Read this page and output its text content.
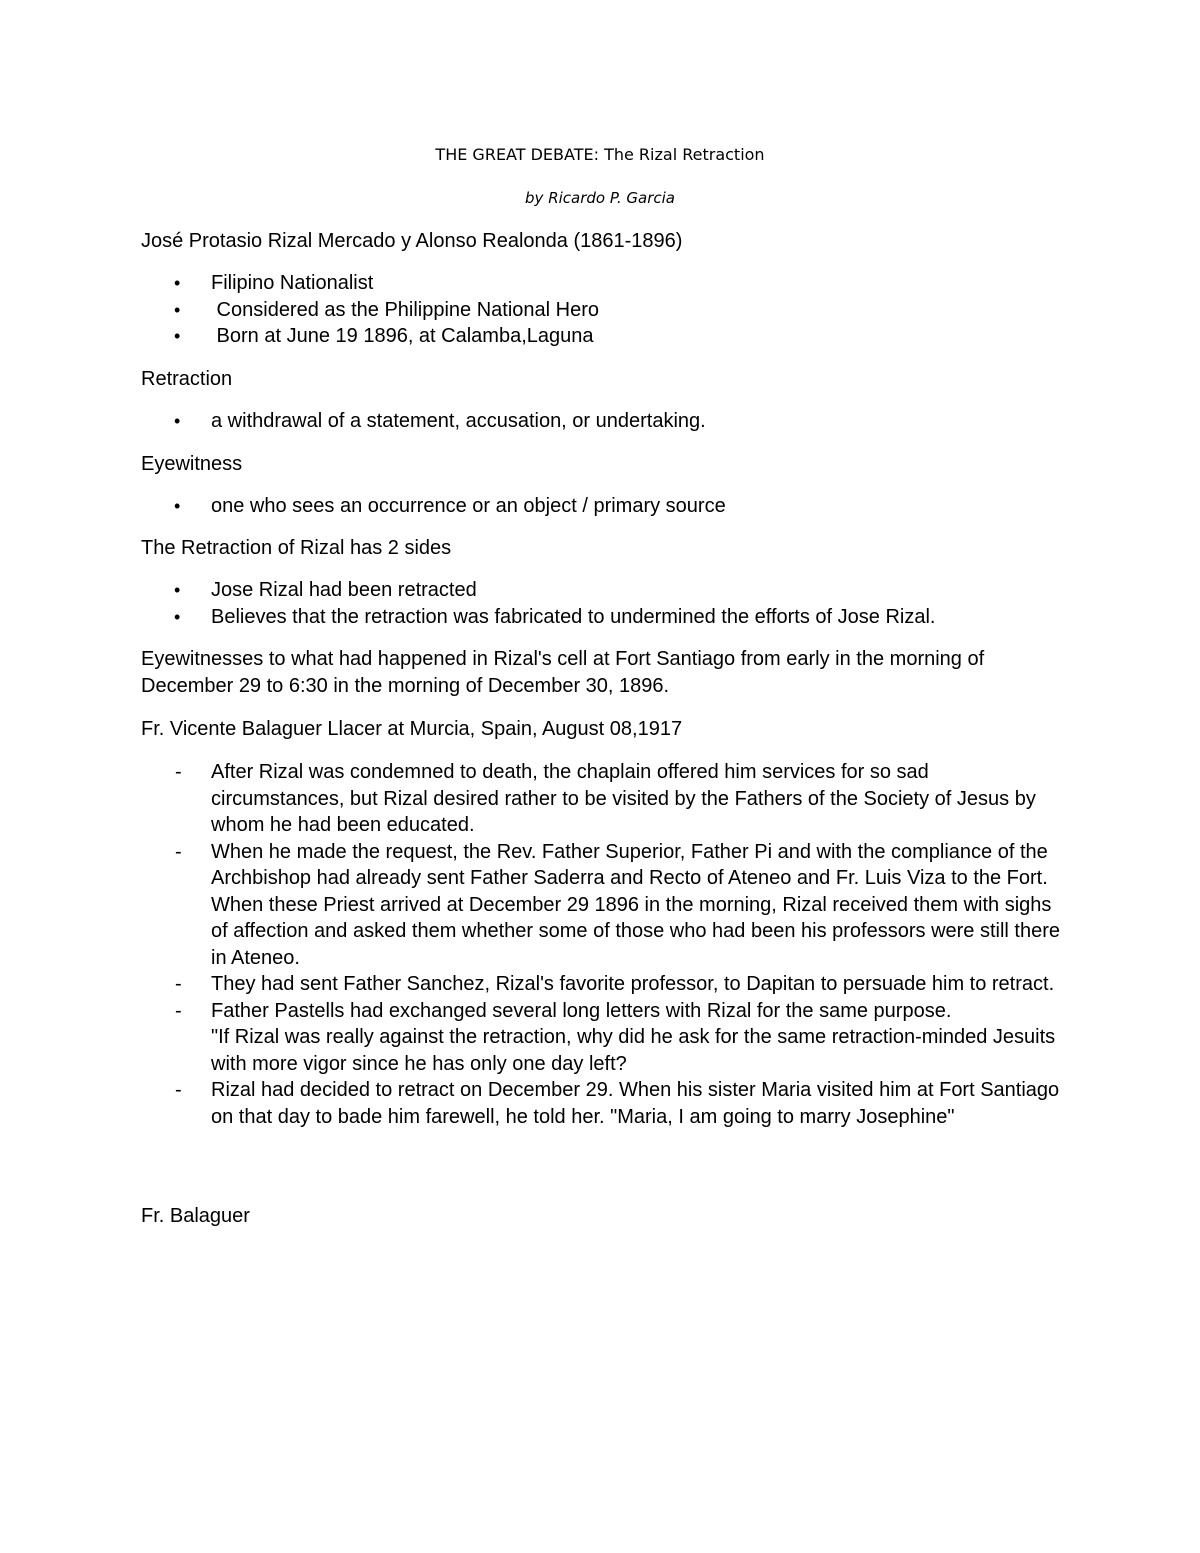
THE GREAT DEBATE: The Rizal Retraction
by Ricardo P. Garcia

José Protasio Rizal Mercado y Alonso Realonda (1861-1896)

• Filipino Nationalist
• Considered as the Philippine National Hero
• Born at June 19 1896, at Calamba,Laguna

Retraction

• a withdrawal of a statement, accusation, or undertaking.

Eyewitness

• one who sees an occurrence or an object / primary source

The Retraction of Rizal has 2 sides

• Jose Rizal had been retracted
• Believes that the retraction was fabricated to undermined the efforts of Jose Rizal.

Eyewitnesses to what had happened in Rizal's cell at Fort Santiago from early in the morning of December 29 to 6:30 in the morning of December 30, 1896.

Fr. Vicente Balaguer Llacer at Murcia, Spain, August 08,1917

- After Rizal was condemned to death, the chaplain offered him services for so sad circumstances, but Rizal desired rather to be visited by the Fathers of the Society of Jesus by whom he had been educated.
- When he made the request, the Rev. Father Superior, Father Pi and with the compliance of the Archbishop had already sent Father Saderra and Recto of Ateneo and Fr. Luis Viza to the Fort. When these Priest arrived at December 29 1896 in the morning, Rizal received them with sighs of affection and asked them whether some of those who had been his professors were still there in Ateneo.
- They had sent Father Sanchez, Rizal's favorite professor, to Dapitan to persuade him to retract.
- Father Pastells had exchanged several long letters with Rizal for the same purpose.
"If Rizal was really against the retraction, why did he ask for the same retraction-minded Jesuits with more vigor since he has only one day left?
- Rizal had decided to retract on December 29. When his sister Maria visited him at Fort Santiago on that day to bade him farewell, he told her. "Maria, I am going to marry Josephine"

Fr. Balaguer
